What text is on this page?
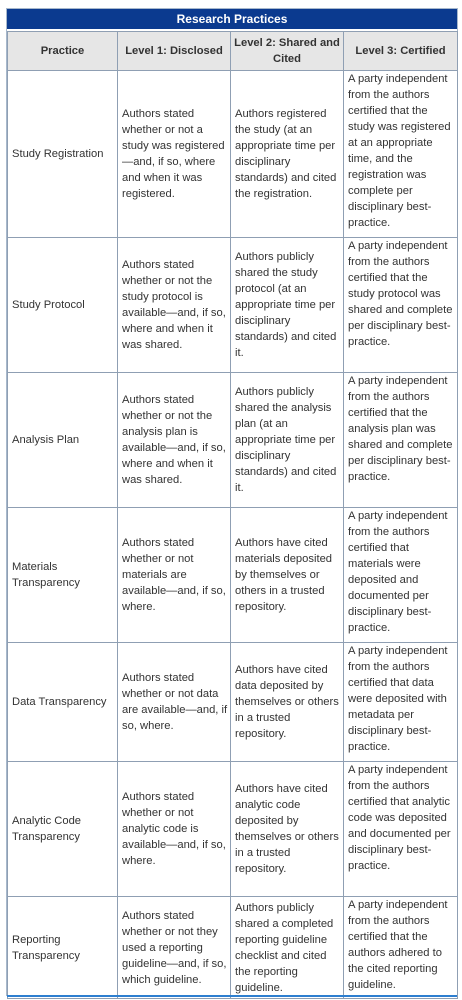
Research Practices
Practice	Level 1: Disclosed	Level 2: Shared and Cited	Level 3: Certified
Study Registration	Authors stated whether or not a study was registered—and, if so, where and when it was registered.	Authors registered the study (at an appropriate time per disciplinary standards) and cited the registration.	A party independent from the authors certified that the study was registered at an appropriate time, and the registration was complete per disciplinary best-practice.
Study Protocol	Authors stated whether or not the study protocol is available—and, if so, where and when it was shared.	Authors publicly shared the study protocol (at an appropriate time per disciplinary standards) and cited it.	A party independent from the authors certified that the study protocol was shared and complete per disciplinary best-practice.
Analysis Plan	Authors stated whether or not the analysis plan is available—and, if so, where and when it was shared.	Authors publicly shared the analysis plan (at an appropriate time per disciplinary standards) and cited it.	A party independent from the authors certified that the analysis plan was shared and complete per disciplinary best-practice.
Materials Transparency	Authors stated whether or not materials are available—and, if so, where.	Authors have cited materials deposited by themselves or others in a trusted repository.	A party independent from the authors certified that materials were deposited and documented per disciplinary best-practice.
Data Transparency	Authors stated whether or not data are available—and, if so, where.	Authors have cited data deposited by themselves or others in a trusted repository.	A party independent from the authors certified that data were deposited with metadata per disciplinary best-practice.
Analytic Code Transparency	Authors stated whether or not analytic code is available—and, if so, where.	Authors have cited analytic code deposited by themselves or others in a trusted repository.	A party independent from the authors certified that analytic code was deposited and documented per disciplinary best-practice.
Reporting Transparency	Authors stated whether or not they used a reporting guideline—and, if so, which guideline.	Authors publicly shared a completed reporting guideline checklist and cited the reporting guideline.	A party independent from the authors certified that the authors adhered to the cited reporting guideline.
